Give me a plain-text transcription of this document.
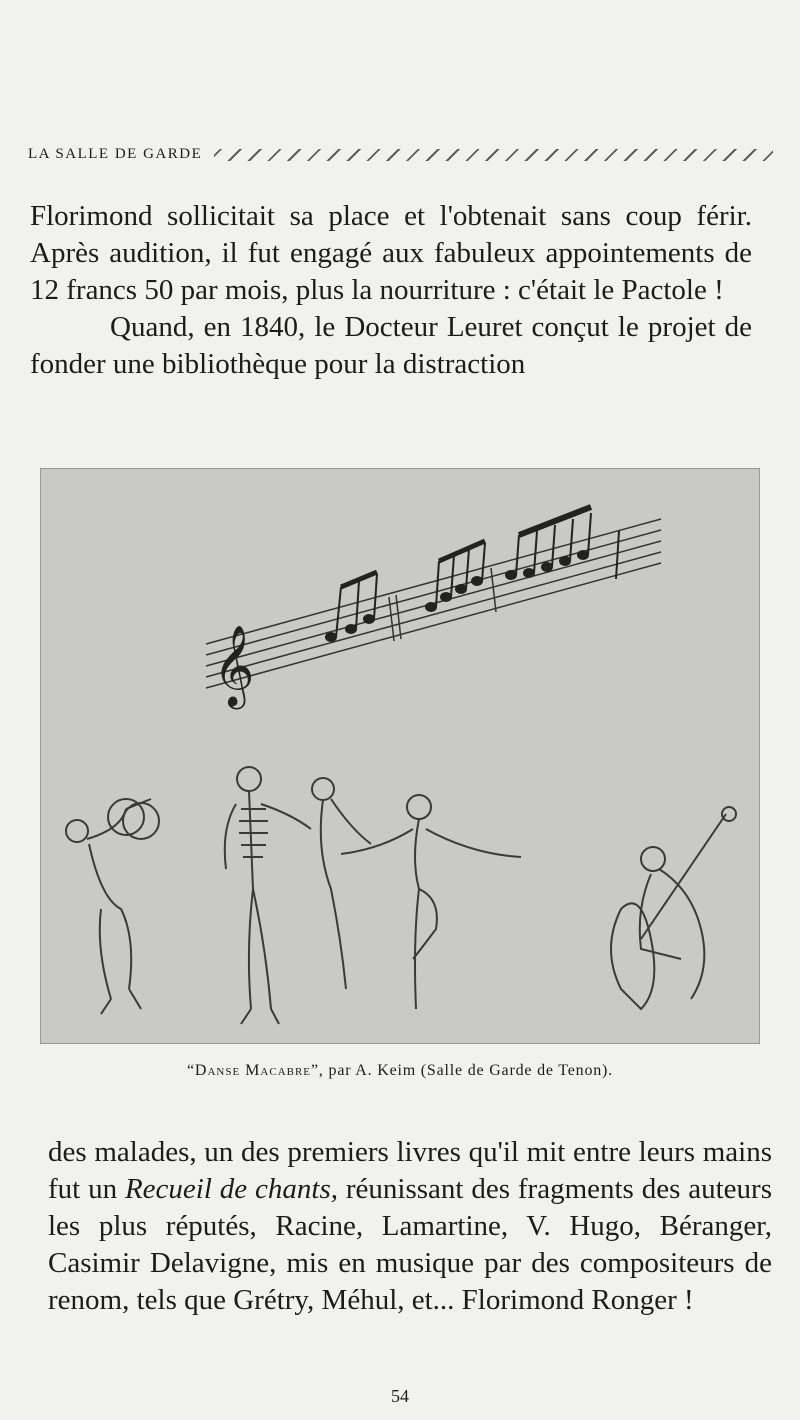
LA SALLE DE GARDE

Florimond sollicitait sa place et l'obtenait sans coup férir. Après audition, il fut engagé aux fabuleux appointements de 12 francs 50 par mois, plus la nourriture : c'était le Pactole !

Quand, en 1840, le Docteur Leuret conçut le projet de fonder une bibliothèque pour la distraction

𝄞
“Danse Macabre”, par A. Keim (Salle de Garde de Tenon).

des malades, un des premiers livres qu'il mit entre leurs mains fut un Recueil de chants, réunissant des fragments des auteurs les plus réputés, Racine, Lamartine, V. Hugo, Béranger, Casimir Delavigne, mis en musique par des compositeurs de renom, tels que Grétry, Méhul, et... Florimond Ronger !

54
